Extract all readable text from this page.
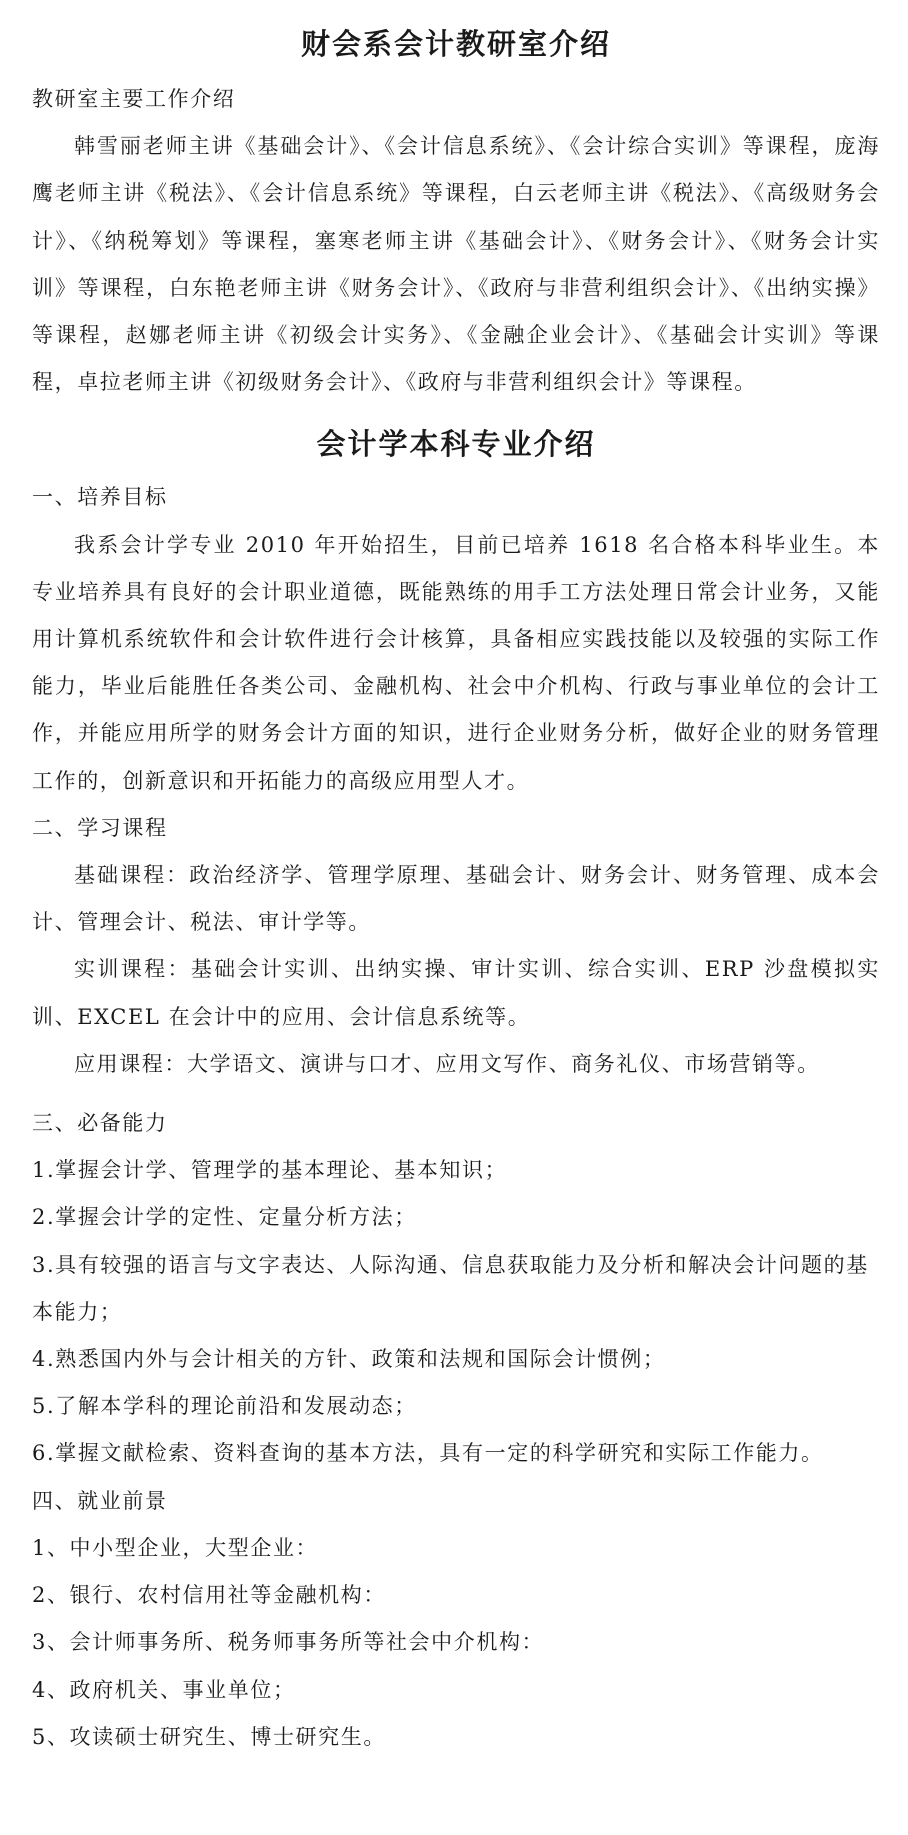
财会系会计教研室介绍

教研室主要工作介绍

韩雪丽老师主讲《基础会计》、《会计信息系统》、《会计综合实训》等课程，庞海鹰老师主讲《税法》、《会计信息系统》等课程，白云老师主讲《税法》、《高级财务会计》、《纳税筹划》等课程，塞寒老师主讲《基础会计》、《财务会计》、《财务会计实训》等课程，白东艳老师主讲《财务会计》、《政府与非营利组织会计》、《出纳实操》等课程，赵娜老师主讲《初级会计实务》、《金融企业会计》、《基础会计实训》等课程，卓拉老师主讲《初级财务会计》、《政府与非营利组织会计》等课程。

会计学本科专业介绍

一、培养目标

我系会计学专业 2010 年开始招生，目前已培养 1618 名合格本科毕业生。本专业培养具有良好的会计职业道德，既能熟练的用手工方法处理日常会计业务，又能用计算机系统软件和会计软件进行会计核算，具备相应实践技能以及较强的实际工作能力，毕业后能胜任各类公司、金融机构、社会中介机构、行政与事业单位的会计工作，并能应用所学的财务会计方面的知识，进行企业财务分析，做好企业的财务管理工作的，创新意识和开拓能力的高级应用型人才。

二、学习课程

基础课程：政治经济学、管理学原理、基础会计、财务会计、财务管理、成本会计、管理会计、税法、审计学等。

实训课程：基础会计实训、出纳实操、审计实训、综合实训、ERP 沙盘模拟实训、EXCEL 在会计中的应用、会计信息系统等。

应用课程：大学语文、演讲与口才、应用文写作、商务礼仪、市场营销等。

三、必备能力

1.掌握会计学、管理学的基本理论、基本知识；

2.掌握会计学的定性、定量分析方法；

3.具有较强的语言与文字表达、人际沟通、信息获取能力及分析和解决会计问题的基本能力；

4.熟悉国内外与会计相关的方针、政策和法规和国际会计惯例；

5.了解本学科的理论前沿和发展动态；

6.掌握文献检索、资料查询的基本方法，具有一定的科学研究和实际工作能力。

四、就业前景

1、中小型企业，大型企业：

2、银行、农村信用社等金融机构：

3、会计师事务所、税务师事务所等社会中介机构：

4、政府机关、事业单位；

5、攻读硕士研究生、博士研究生。
